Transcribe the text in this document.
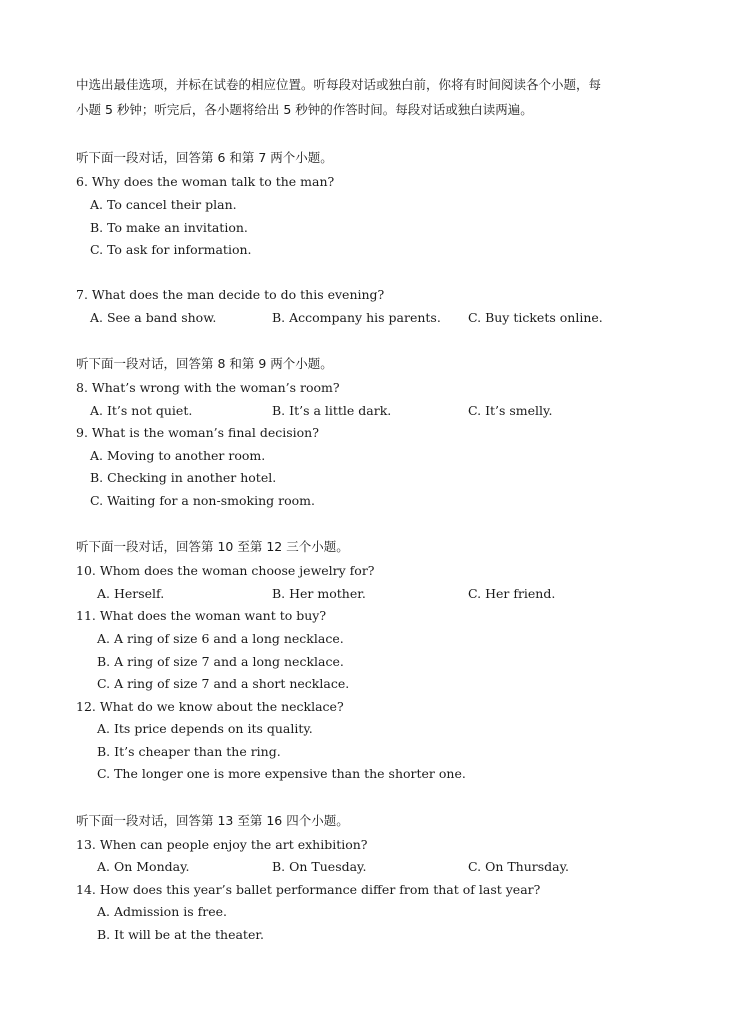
中选出最佳选项，并标在试卷的相应位置。听每段对话或独白前，你将有时间阅读各个小题，每
小题 5 秒钟；听完后，各小题将给出 5 秒钟的作答时间。每段对话或独白读两遍。
听下面一段对话，回答第 6 和第 7 两个小题。
6. Why does the woman talk to the man?
A. To cancel their plan.
B. To make an invitation.
C. To ask for information.
7. What does the man decide to do this evening?
A. See a band show.	B. Accompany his parents. C. Buy tickets online.
听下面一段对话，回答第 8 和第 9 两个小题。
8. What’s wrong with the woman’s room?
A. It’s not quiet.	B. It’s a little dark.	C. It’s smelly.
9. What is the woman’s final decision?
A. Moving to another room.
B. Checking in another hotel.
C. Waiting for a non-smoking room.
听下面一段对话，回答第 10 至第 12 三个小题。
10. Whom does the woman choose jewelry for?
A. Herself.	B. Her mother.	C. Her friend.
11. What does the woman want to buy?
A. A ring of size 6 and a long necklace.
B. A ring of size 7 and a long necklace.
C. A ring of size 7 and a short necklace.
12. What do we know about the necklace?
A. Its price depends on its quality.
B. It’s cheaper than the ring.
C. The longer one is more expensive than the shorter one.
听下面一段对话，回答第 13 至第 16 四个小题。
13. When can people enjoy the art exhibition?
A. On Monday.	B. On Tuesday.	C. On Thursday.
14. How does this year’s ballet performance differ from that of last year?
A. Admission is free.
B. It will be at the theater.
